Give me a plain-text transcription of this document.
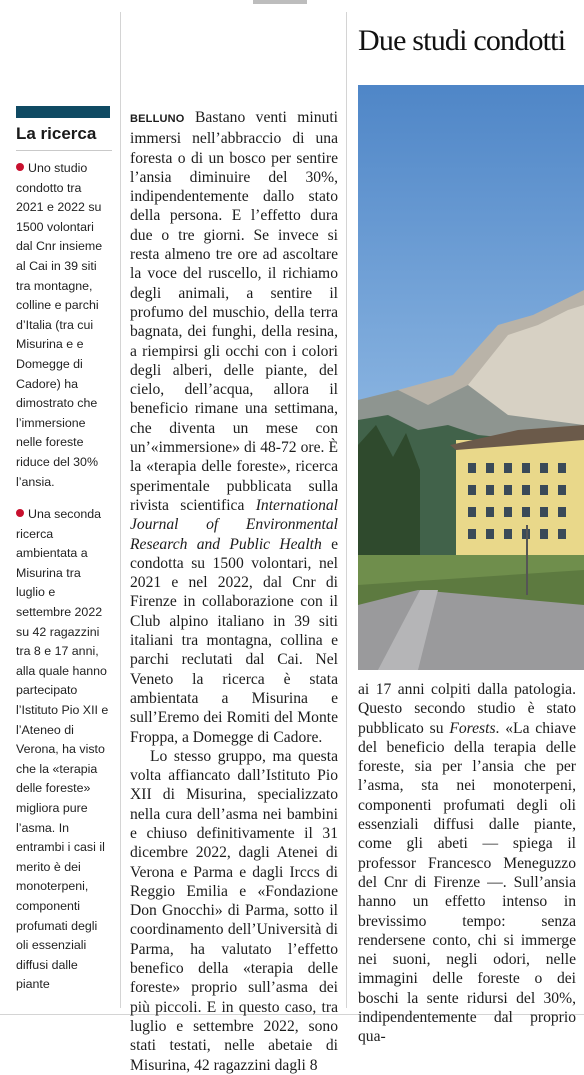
Due studi condotti
La ricerca
Uno studio condotto tra 2021 e 2022 su 1500 volontari dal Cnr insieme al Cai in 39 siti tra montagne, colline e parchi d’Italia (tra cui Misurina e e Domegge di Cadore) ha dimostrato che l’immersione nelle foreste riduce del 30% l’ansia.
Una seconda ricerca ambientata a Misurina tra luglio e settembre 2022 su 42 ragazzini tra 8 e 17 anni, alla quale hanno partecipato l’Istituto Pio XII e l’Ateneo di Verona, ha visto che la «terapia delle foreste» migliora pure l’asma. In entrambi i casi il merito è dei monoterpeni, componenti profumati degli oli essenziali diffusi dalle piante

BELLUNO Bastano venti minuti immersi nell’abbraccio di una foresta o di un bosco per sentire l’ansia diminuire del 30%, indipendentemente dallo stato della persona. E l’effetto dura due o tre giorni. Se invece si resta almeno tre ore ad ascoltare la voce del ruscello, il richiamo degli animali, a sentire il profumo del muschio, della terra bagnata, dei funghi, della resina, a riempirsi gli occhi con i colori degli alberi, delle piante, del cielo, dell’acqua, allora il beneficio rimane una settimana, che diventa un mese con un’«immersione» di 48-72 ore. È la «terapia delle foreste», ricerca sperimentale pubblicata sulla rivista scientifica International Journal of Environmental Research and Public Health e condotta su 1500 volontari, nel 2021 e nel 2022, dal Cnr di Firenze in collaborazione con il Club alpino italiano in 39 siti italiani tra montagna, collina e parchi reclutati dal Cai. Nel Veneto la ricerca è stata ambientata a Misurina e sull’Eremo dei Romiti del Monte Froppa, a Domegge di Cadore.

Lo stesso gruppo, ma questa volta affiancato dall’Istituto Pio XII di Misurina, specializzato nella cura dell’asma nei bambini e chiuso definitivamente il 31 dicembre 2022, dagli Atenei di Verona e Parma e dagli Irccs di Reggio Emilia e «Fondazione Don Gnocchi» di Parma, sotto il coordinamento dell’Università di Parma, ha valutato l’effetto benefico della «terapia delle foreste» proprio sull’asma dei più piccoli. E in questo caso, tra luglio e settembre 2022, sono stati testati, nelle abetaie di Misurina, 42 ragazzini dagli 8

ai 17 anni colpiti dalla patologia. Questo secondo studio è stato pubblicato su Forests. «La chiave del beneficio della terapia delle foreste, sia per l’ansia che per l’asma, sta nei monoterpeni, componenti profumati degli oli essenziali diffusi dalle piante, come gli abeti — spiega il professor Francesco Meneguzzo del Cnr di Firenze —. Sull’ansia hanno un effetto intenso in brevissimo tempo: senza rendersene conto, chi si immerge nei suoni, negli odori, nelle immagini delle foreste o dei boschi la sente ridursi del 30%, indipendentemente dal proprio qua-
